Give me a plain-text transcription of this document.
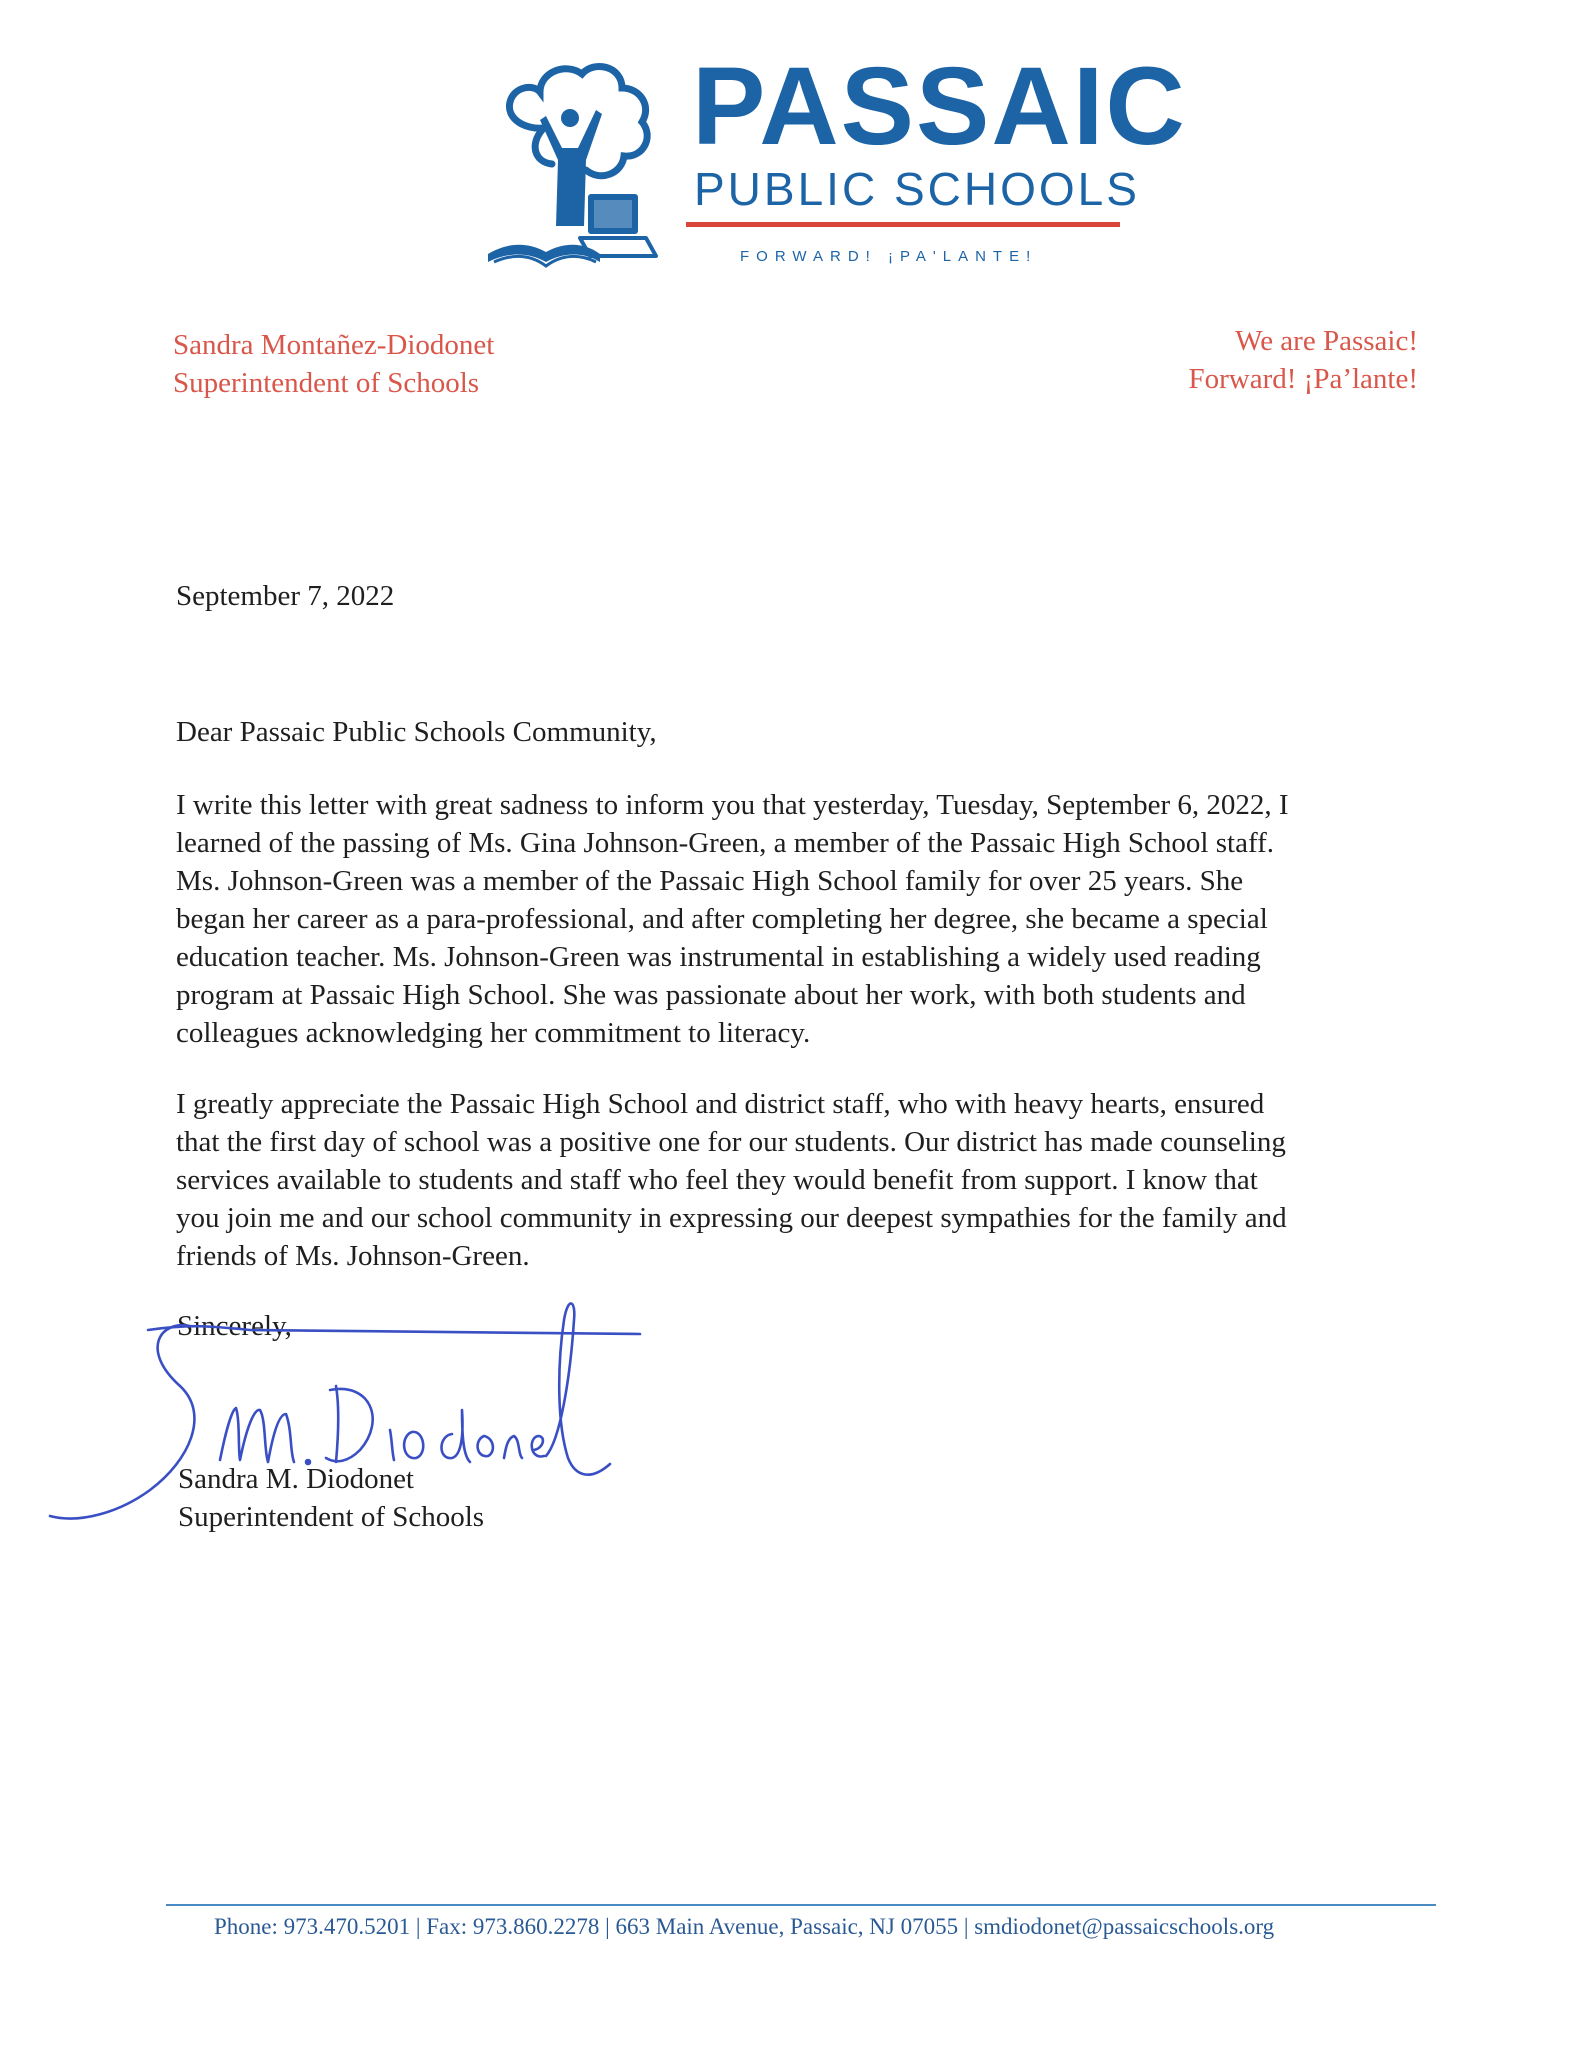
PASSAIC
PUBLIC SCHOOLS
FORWARD! ¡PA'LANTE!
Sandra Montañez-Diodonet
Superintendent of Schools
We are Passaic!
Forward! ¡Pa’lante!
September 7, 2022
Dear Passaic Public Schools Community,
I write this letter with great sadness to inform you that yesterday, Tuesday, September 6, 2022, I
learned of the passing of Ms. Gina Johnson-Green, a member of the Passaic High School staff.
Ms. Johnson-Green was a member of the Passaic High School family for over 25 years. She
began her career as a para-professional, and after completing her degree, she became a special
education teacher. Ms. Johnson-Green was instrumental in establishing a widely used reading
program at Passaic High School. She was passionate about her work, with both students and
colleagues acknowledging her commitment to literacy.
I greatly appreciate the Passaic High School and district staff, who with heavy hearts, ensured
that the first day of school was a positive one for our students. Our district has made counseling
services available to students and staff who feel they would benefit from support. I know that
you join me and our school community in expressing our deepest sympathies for the family and
friends of Ms. Johnson-Green.
Sincerely,
Sandra M. Diodonet
Superintendent of Schools
Phone: 973.470.5201 | Fax: 973.860.2278 | 663 Main Avenue, Passaic, NJ 07055 | smdiodonet@passaicschools.org
